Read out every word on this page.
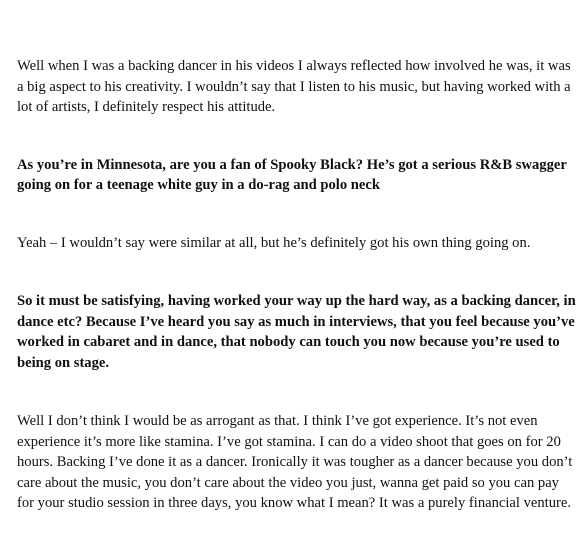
Well when I was a backing dancer in his videos I always reflected how involved he was, it was a big aspect to his creativity. I wouldn’t say that I listen to his music, but having worked with a lot of artists, I definitely respect his attitude.

As you’re in Minnesota, are you a fan of Spooky Black? He’s got a serious R&B swagger going on for a teenage white guy in a do-rag and polo neck

Yeah – I wouldn’t say were similar at all, but he’s definitely got his own thing going on.

So it must be satisfying, having worked your way up the hard way, as a backing dancer, in dance etc? Because I’ve heard you say as much in interviews, that you feel because you’ve worked in cabaret and in dance, that nobody can touch you now because you’re used to being on stage.

Well I don’t think I would be as arrogant as that. I think I’ve got experience. It’s not even experience it’s more like stamina. I’ve got stamina. I can do a video shoot that goes on for 20 hours. Backing I’ve done it as a dancer. Ironically it was tougher as a dancer because you don’t care about the music, you don’t care about the video you just, wanna get paid so you can pay for your studio session in three days, you know what I mean? It was a purely financial venture.
